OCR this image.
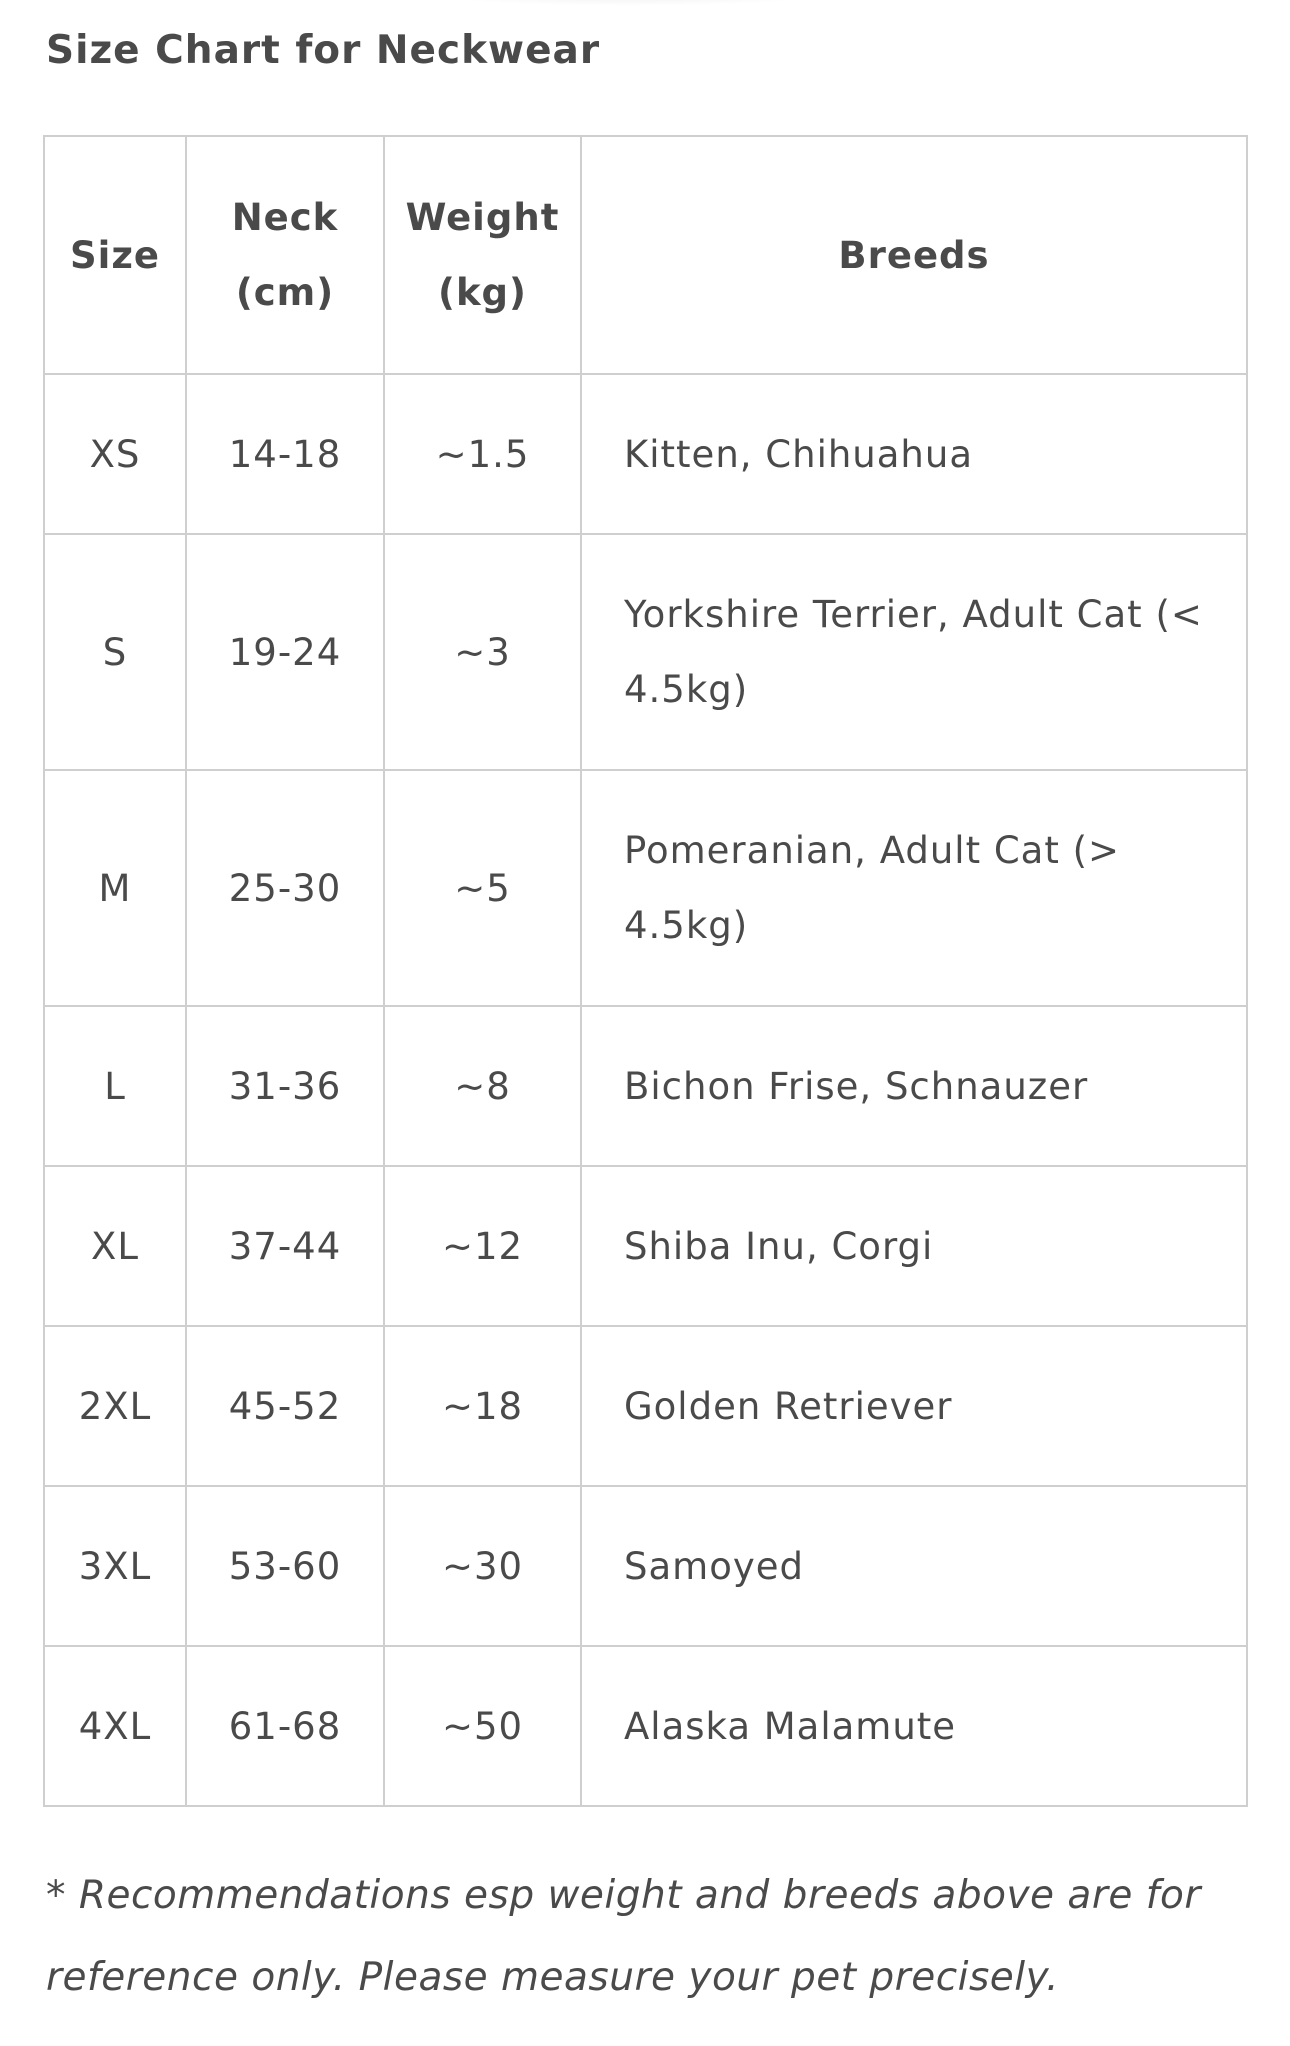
Size Chart for Neckwear
Size	Neck (cm)	Weight (kg)	Breeds
XS	14-18	~1.5	Kitten, Chihuahua
S	19-24	~3	Yorkshire Terrier, Adult Cat (< 4.5kg)
M	25-30	~5	Pomeranian, Adult Cat (> 4.5kg)
L	31-36	~8	Bichon Frise, Schnauzer
XL	37-44	~12	Shiba Inu, Corgi
2XL	45-52	~18	Golden Retriever
3XL	53-60	~30	Samoyed
4XL	61-68	~50	Alaska Malamute

* Recommendations esp weight and breeds above are for reference only. Please measure your pet precisely.
